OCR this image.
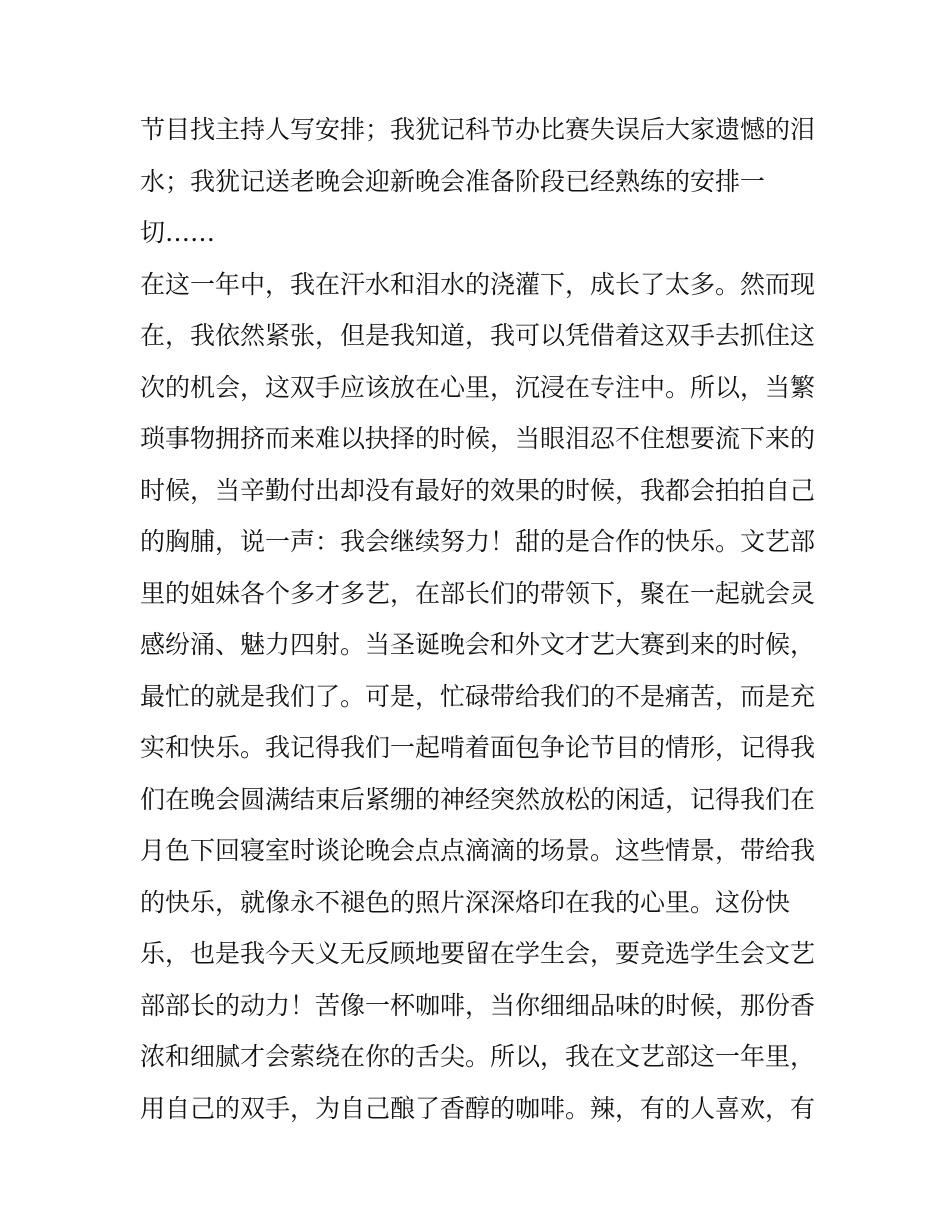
节目找主持人写安排；我犹记科节办比赛失误后大家遗憾的泪
水；我犹记送老晚会迎新晚会准备阶段已经熟练的安排一
切……
在这一年中，我在汗水和泪水的浇灌下，成长了太多。然而现
在，我依然紧张，但是我知道，我可以凭借着这双手去抓住这
次的机会，这双手应该放在心里，沉浸在专注中。所以，当繁
琐事物拥挤而来难以抉择的时候，当眼泪忍不住想要流下来的
时候，当辛勤付出却没有最好的效果的时候，我都会拍拍自己
的胸脯，说一声：我会继续努力！甜的是合作的快乐。文艺部
里的姐妹各个多才多艺，在部长们的带领下，聚在一起就会灵
感纷涌、魅力四射。当圣诞晚会和外文才艺大赛到来的时候，
最忙的就是我们了。可是，忙碌带给我们的不是痛苦，而是充
实和快乐。我记得我们一起啃着面包争论节目的情形，记得我
们在晚会圆满结束后紧绷的神经突然放松的闲适，记得我们在
月色下回寝室时谈论晚会点点滴滴的场景。这些情景，带给我
的快乐，就像永不褪色的照片深深烙印在我的心里。这份快
乐，也是我今天义无反顾地要留在学生会，要竞选学生会文艺
部部长的动力！苦像一杯咖啡，当你细细品味的时候，那份香
浓和细腻才会萦绕在你的舌尖。所以，我在文艺部这一年里，
用自己的双手，为自己酿了香醇的咖啡。辣，有的人喜欢，有
